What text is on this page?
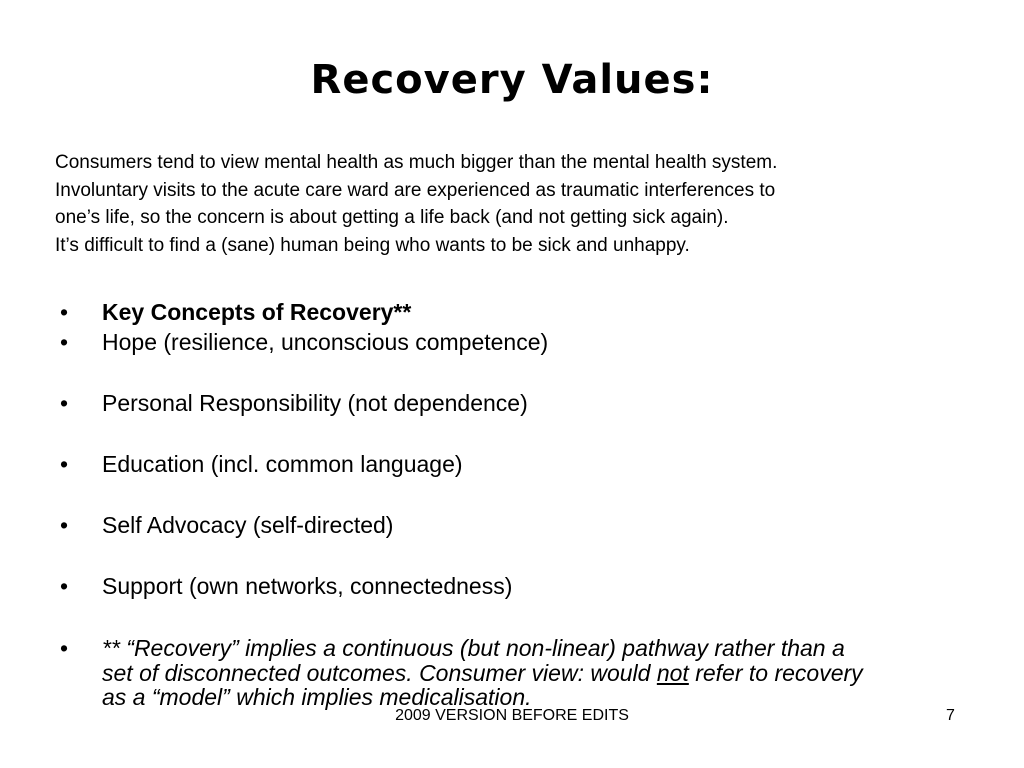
Recovery Values:
Consumers tend to view mental health as much bigger than the mental health system.
Involuntary visits to the acute care ward are experienced as traumatic interferences to
one’s life, so the concern is about getting a life back (and not getting sick again).
It’s difficult to find a (sane) human being who wants to be sick and unhappy.
• Key Concepts of Recovery**
• Hope (resilience, unconscious competence)
• Personal Responsibility (not dependence)
• Education (incl. common language)
• Self Advocacy (self-directed)
• Support (own networks, connectedness)
• ** “Recovery” implies a continuous (but non-linear) pathway rather than a
set of disconnected outcomes. Consumer view: would not refer to recovery
as a “model” which implies medicalisation.
2009 VERSION BEFORE EDITS	7
